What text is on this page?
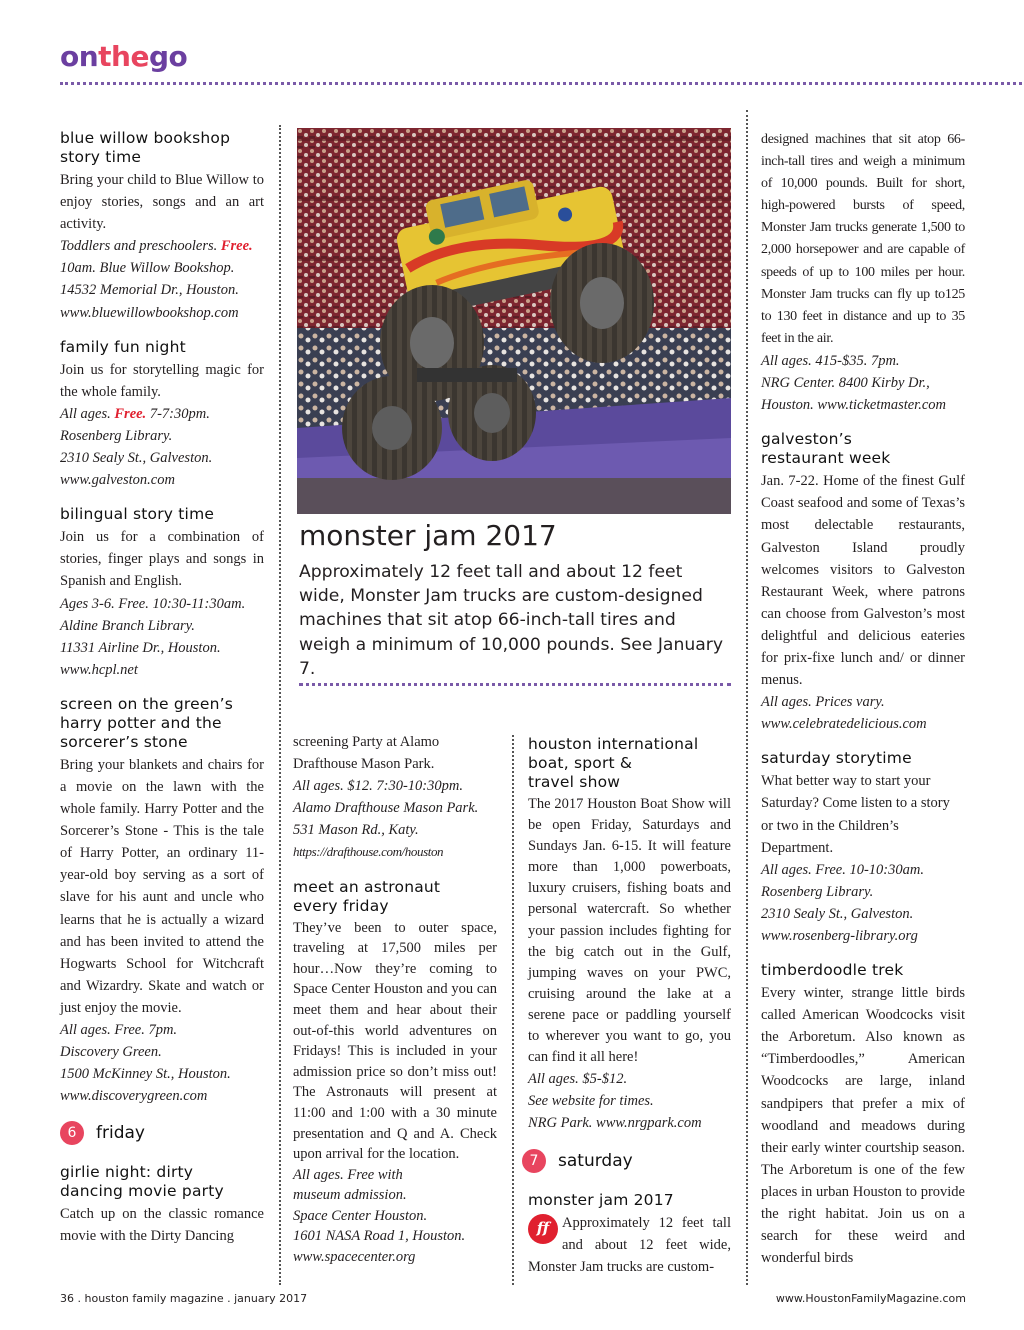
onthego
blue willow bookshop
story time

Bring your child to Blue Willow to enjoy stories, songs and an art activity.

Toddlers and preschoolers. Free.
10am. Blue Willow Bookshop.
14532 Memorial Dr., Houston.
www.bluewillowbookshop.com
family fun night

Join us for storytelling magic for the whole family.

All ages. Free. 7-7:30pm.
Rosenberg Library.
2310 Sealy St., Galveston.
www.galveston.com
bilingual story time

Join us for a combination of stories, finger plays and songs in Spanish and English.

Ages 3-6. Free. 10:30-11:30am.
Aldine Branch Library.
11331 Airline Dr., Houston.
www.hcpl.net
screen on the green’s
harry potter and the
sorcerer’s stone

Bring your blankets and chairs for a movie on the lawn with the whole family. Harry Potter and the Sorcerer’s Stone - This is the tale of Harry Potter, an ordinary 11-year-old boy serving as a sort of slave for his aunt and uncle who learns that he is actually a wizard and has been invited to attend the Hogwarts School for Witchcraft and Wizardry. Skate and watch or just enjoy the movie.

All ages. Free. 7pm.
Discovery Green.
1500 McKinney St., Houston.
www.discoverygreen.com
6	friday
girlie night: dirty
dancing movie party

Catch up on the classic romance movie with the Dirty Dancing

monster jam 2017
Approximately 12 feet tall and about 12 feet wide, Monster Jam trucks are custom-designed machines that sit atop 66-inch-tall tires and weigh a minimum of 10,000 pounds. See January 7.

screening Party at Alamo Drafthouse Mason Park.

All ages. $12. 7:30-10:30pm.
Alamo Drafthouse Mason Park.
531 Mason Rd., Katy.
https://drafthouse.com/houston
meet an astronaut
every friday

They’ve been to outer space, traveling at 17,500 miles per hour…Now they’re coming to Space Center Houston and you can meet them and hear about their out-of-this world adventures on Fridays! This is included in your admission price so don’t miss out! The Astronauts will present at 11:00 and 1:00 with a 30 minute presentation and Q and A. Check upon arrival for the location.

All ages. Free with
museum admission.
Space Center Houston.
1601 NASA Road 1, Houston.
www.spacecenter.org
houston international
boat, sport &
travel show

The 2017 Houston Boat Show will be open Friday, Saturdays and Sundays Jan. 6-15. It will feature more than 1,000 powerboats, luxury cruisers, fishing boats and personal watercraft. So whether your passion includes fighting for the big catch out in the Gulf, jumping waves on your PWC, cruising around the lake at a serene pace or paddling yourself to wherever you want to go, you can find it all here!

All ages. $5-$12.
See website for times.
NRG Park. www.nrgpark.com
7	saturday
monster jam 2017

ff Approximately 12 feet tall and about 12 feet wide, Monster Jam trucks are custom-

designed machines that sit atop 66-inch-tall tires and weigh a minimum of 10,000 pounds. Built for short, high-powered bursts of speed, Monster Jam trucks generate 1,500 to 2,000 horsepower and are capable of speeds of up to 100 miles per hour. Monster Jam trucks can fly up to125 to 130 feet in distance and up to 35 feet in the air.

All ages. 415-$35. 7pm.
NRG Center. 8400 Kirby Dr.,
Houston. www.ticketmaster.com
galveston’s
restaurant week

Jan. 7-22. Home of the finest Gulf Coast seafood and some of Texas’s most delectable restaurants, Galveston Island proudly welcomes visitors to Galveston Restaurant Week, where patrons can choose from Galveston’s most delightful and delicious eateries for prix-fixe lunch and/ or dinner menus.

All ages. Prices vary.
www.celebratedelicious.com
saturday storytime

What better way to start your Saturday? Come listen to a story or two in the Children’s Department.

All ages. Free. 10-10:30am.
Rosenberg Library.
2310 Sealy St., Galveston.
www.rosenberg-library.org
timberdoodle trek

Every winter, strange little birds called American Woodcocks visit the Arboretum. Also known as “Timberdoodles,” American Woodcocks are large, inland sandpipers that prefer a mix of woodland and meadows during their early winter courtship season. The Arboretum is one of the few places in urban Houston to provide the right habitat. Join us on a search for these weird and wonderful birds

36 . houston family magazine . january 2017	www.HoustonFamilyMagazine.com
